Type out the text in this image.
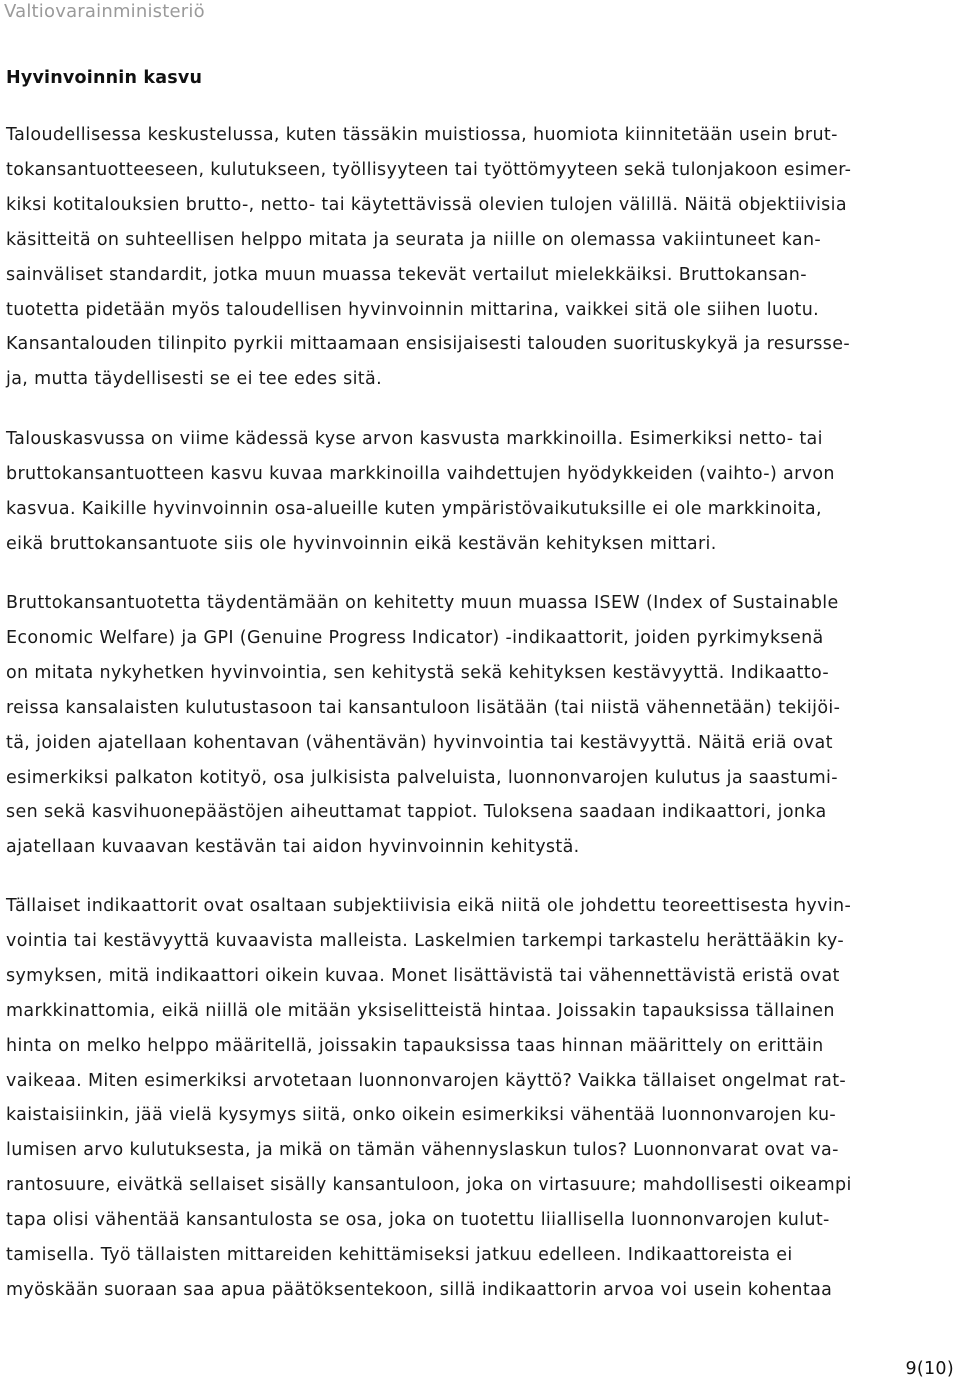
Valtiovarainministeriö
Hyvinvoinnin kasvu
Taloudellisessa keskustelussa, kuten tässäkin muistiossa, huomiota kiinnitetään usein brut-
tokansantuotteeseen, kulutukseen, työllisyyteen tai työttömyyteen sekä tulonjakoon esimer-
kiksi kotitalouksien brutto-, netto- tai käytettävissä olevien tulojen välillä. Näitä objektiivisia
käsitteitä on suhteellisen helppo mitata ja seurata ja niille on olemassa vakiintuneet kan-
sainväliset standardit, jotka muun muassa tekevät vertailut mielekkäiksi. Bruttokansan-
tuotetta pidetään myös taloudellisen hyvinvoinnin mittarina, vaikkei sitä ole siihen luotu.
Kansantalouden tilinpito pyrkii mittaamaan ensisijaisesti talouden suorituskykyä ja resursse-
ja, mutta täydellisesti se ei tee edes sitä.
Talouskasvussa on viime kädessä kyse arvon kasvusta markkinoilla. Esimerkiksi netto- tai
bruttokansantuotteen kasvu kuvaa markkinoilla vaihdettujen hyödykkeiden (vaihto-) arvon
kasvua. Kaikille hyvinvoinnin osa-alueille kuten ympäristövaikutuksille ei ole markkinoita,
eikä bruttokansantuote siis ole hyvinvoinnin eikä kestävän kehityksen mittari.
Bruttokansantuotetta täydentämään on kehitetty muun muassa ISEW (Index of Sustainable
Economic Welfare) ja GPI (Genuine Progress Indicator) -indikaattorit, joiden pyrkimyksenä
on mitata nykyhetken hyvinvointia, sen kehitystä sekä kehityksen kestävyyttä. Indikaatto-
reissa kansalaisten kulutustasoon tai kansantuloon lisätään (tai niistä vähennetään) tekijöi-
tä, joiden ajatellaan kohentavan (vähentävän) hyvinvointia tai kestävyyttä. Näitä eriä ovat
esimerkiksi palkaton kotityö, osa julkisista palveluista, luonnonvarojen kulutus ja saastumi-
sen sekä kasvihuonepäästöjen aiheuttamat tappiot. Tuloksena saadaan indikaattori, jonka
ajatellaan kuvaavan kestävän tai aidon hyvinvoinnin kehitystä.
Tällaiset indikaattorit ovat osaltaan subjektiivisia eikä niitä ole johdettu teoreettisesta hyvin-
vointia tai kestävyyttä kuvaavista malleista. Laskelmien tarkempi tarkastelu herättääkin ky-
symyksen, mitä indikaattori oikein kuvaa. Monet lisättävistä tai vähennettävistä eristä ovat
markkinattomia, eikä niillä ole mitään yksiselitteistä hintaa. Joissakin tapauksissa tällainen
hinta on melko helppo määritellä, joissakin tapauksissa taas hinnan määrittely on erittäin
vaikeaa. Miten esimerkiksi arvotetaan luonnonvarojen käyttö? Vaikka tällaiset ongelmat rat-
kaistaisiinkin, jää vielä kysymys siitä, onko oikein esimerkiksi vähentää luonnonvarojen ku-
lumisen arvo kulutuksesta, ja mikä on tämän vähennyslaskun tulos? Luonnonvarat ovat va-
rantosuure, eivätkä sellaiset sisälly kansantuloon, joka on virtasuure; mahdollisesti oikeampi
tapa olisi vähentää kansantulosta se osa, joka on tuotettu liiallisella luonnonvarojen kulut-
tamisella. Työ tällaisten mittareiden kehittämiseksi jatkuu edelleen. Indikaattoreista ei
myöskään suoraan saa apua päätöksentekoon, sillä indikaattorin arvoa voi usein kohentaa
9(10)
